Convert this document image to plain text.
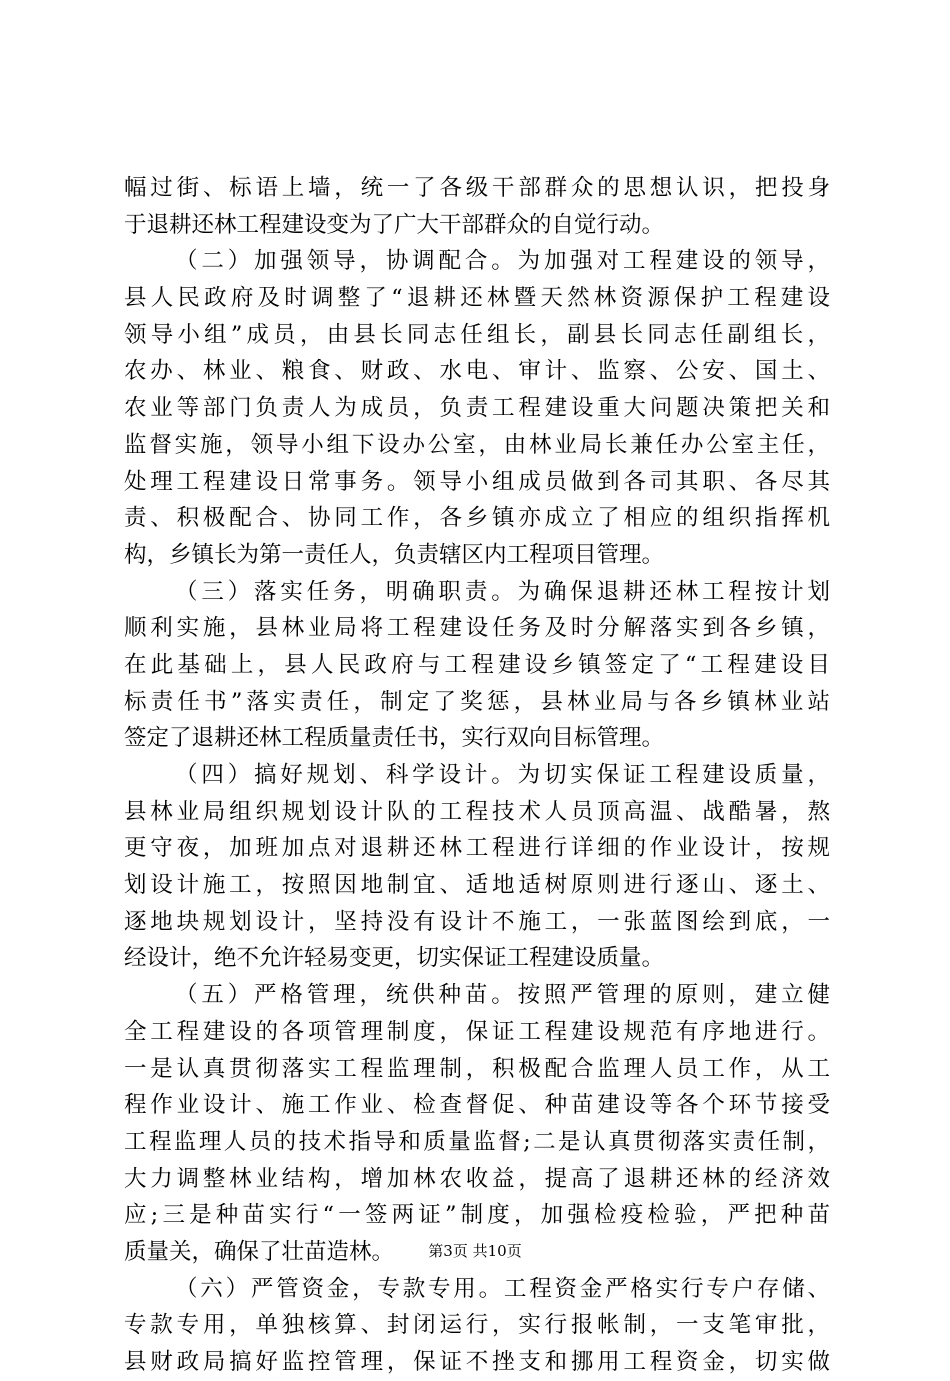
幅过街、标语上墙，统一了各级干部群众的思想认识，把投身
于退耕还林工程建设变为了广大干部群众的自觉行动。
（二）加强领导，协调配合。为加强对工程建设的领导，
县人民政府及时调整了“退耕还林暨天然林资源保护工程建设
领导小组”成员，由县长同志任组长，副县长同志任副组长，
农办、林业、粮食、财政、水电、审计、监察、公安、国土、
农业等部门负责人为成员，负责工程建设重大问题决策把关和
监督实施，领导小组下设办公室，由林业局长兼任办公室主任，
处理工程建设日常事务。领导小组成员做到各司其职、各尽其
责、积极配合、协同工作，各乡镇亦成立了相应的组织指挥机
构，乡镇长为第一责任人，负责辖区内工程项目管理。
（三）落实任务，明确职责。为确保退耕还林工程按计划
顺利实施，县林业局将工程建设任务及时分解落实到各乡镇，
在此基础上，县人民政府与工程建设乡镇签定了“工程建设目
标责任书”落实责任，制定了奖惩，县林业局与各乡镇林业站
签定了退耕还林工程质量责任书，实行双向目标管理。
（四）搞好规划、科学设计。为切实保证工程建设质量，
县林业局组织规划设计队的工程技术人员顶高温、战酷暑，熬
更守夜，加班加点对退耕还林工程进行详细的作业设计，按规
划设计施工，按照因地制宜、适地适树原则进行逐山、逐土、
逐地块规划设计，坚持没有设计不施工，一张蓝图绘到底，一
经设计，绝不允许轻易变更，切实保证工程建设质量。
（五）严格管理，统供种苗。按照严管理的原则，建立健
全工程建设的各项管理制度，保证工程建设规范有序地进行。
一是认真贯彻落实工程监理制，积极配合监理人员工作，从工
程作业设计、施工作业、检查督促、种苗建设等各个环节接受
工程监理人员的技术指导和质量监督;二是认真贯彻落实责任制，
大力调整林业结构，增加林农收益，提高了退耕还林的经济效
应;三是种苗实行“一签两证”制度，加强检疫检验，严把种苗
质量关，确保了壮苗造林。
（六）严管资金，专款专用。工程资金严格实行专户存储、
专款专用，单独核算、封闭运行，实行报帐制，一支笔审批，
县财政局搞好监控管理，保证不挫支和挪用工程资金，切实做
第3页 共10页
